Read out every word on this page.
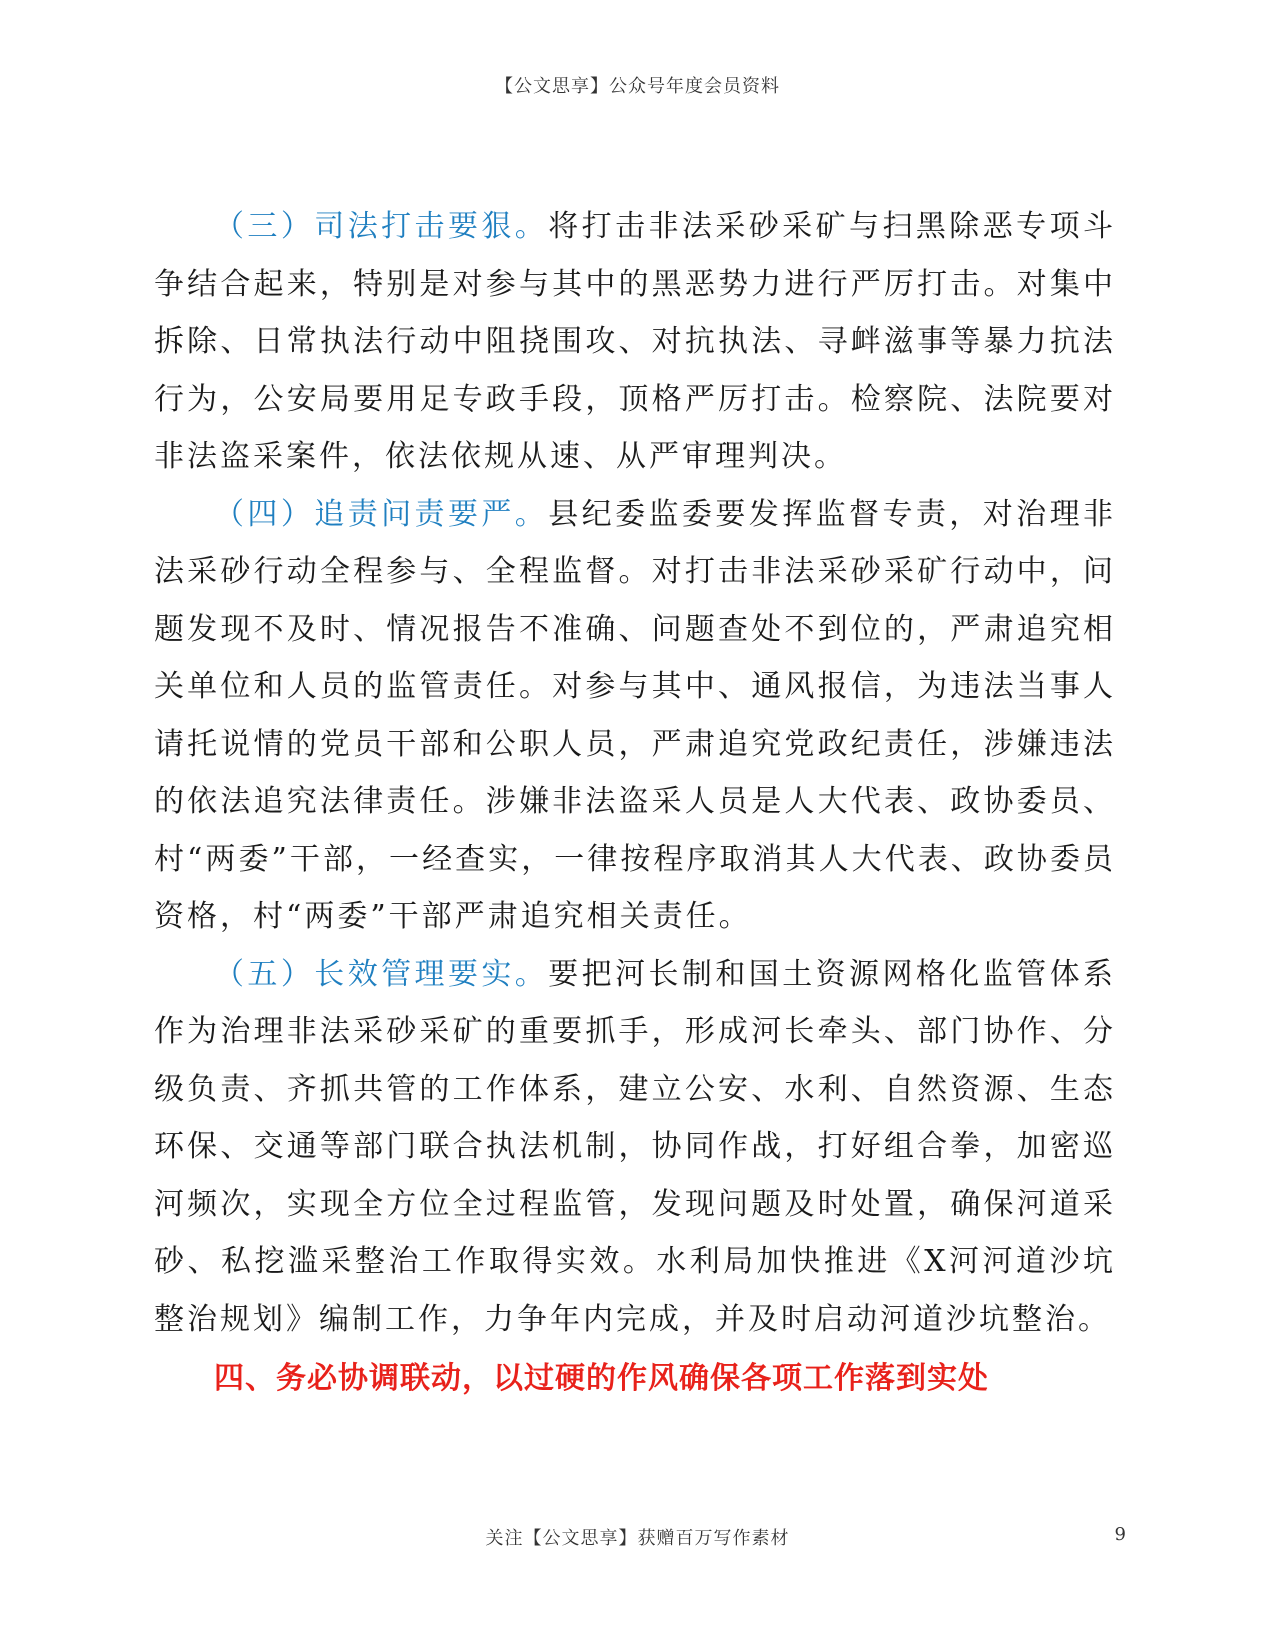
【公文思享】公众号年度会员资料

（三）司法打击要狠。将打击非法采砂采矿与扫黑除恶专项斗争结合起来，特别是对参与其中的黑恶势力进行严厉打击。对集中拆除、日常执法行动中阻挠围攻、对抗执法、寻衅滋事等暴力抗法行为，公安局要用足专政手段，顶格严厉打击。检察院、法院要对非法盗采案件，依法依规从速、从严审理判决。

（四）追责问责要严。县纪委监委要发挥监督专责，对治理非法采砂行动全程参与、全程监督。对打击非法采砂采矿行动中，问题发现不及时、情况报告不准确、问题查处不到位的，严肃追究相关单位和人员的监管责任。对参与其中、通风报信，为违法当事人请托说情的党员干部和公职人员，严肃追究党政纪责任，涉嫌违法的依法追究法律责任。涉嫌非法盗采人员是人大代表、政协委员、村“两委”干部，一经查实，一律按程序取消其人大代表、政协委员资格，村“两委”干部严肃追究相关责任。

（五）长效管理要实。要把河长制和国土资源网格化监管体系作为治理非法采砂采矿的重要抓手，形成河长牵头、部门协作、分级负责、齐抓共管的工作体系，建立公安、水利、自然资源、生态环保、交通等部门联合执法机制，协同作战，打好组合拳，加密巡河频次，实现全方位全过程监管，发现问题及时处置，确保河道采砂、私挖滥采整治工作取得实效。水利局加快推进《X河河道沙坑整治规划》编制工作，力争年内完成，并及时启动河道沙坑整治。

四、务必协调联动，以过硬的作风确保各项工作落到实处

关注【公文思享】获赠百万写作素材	9
